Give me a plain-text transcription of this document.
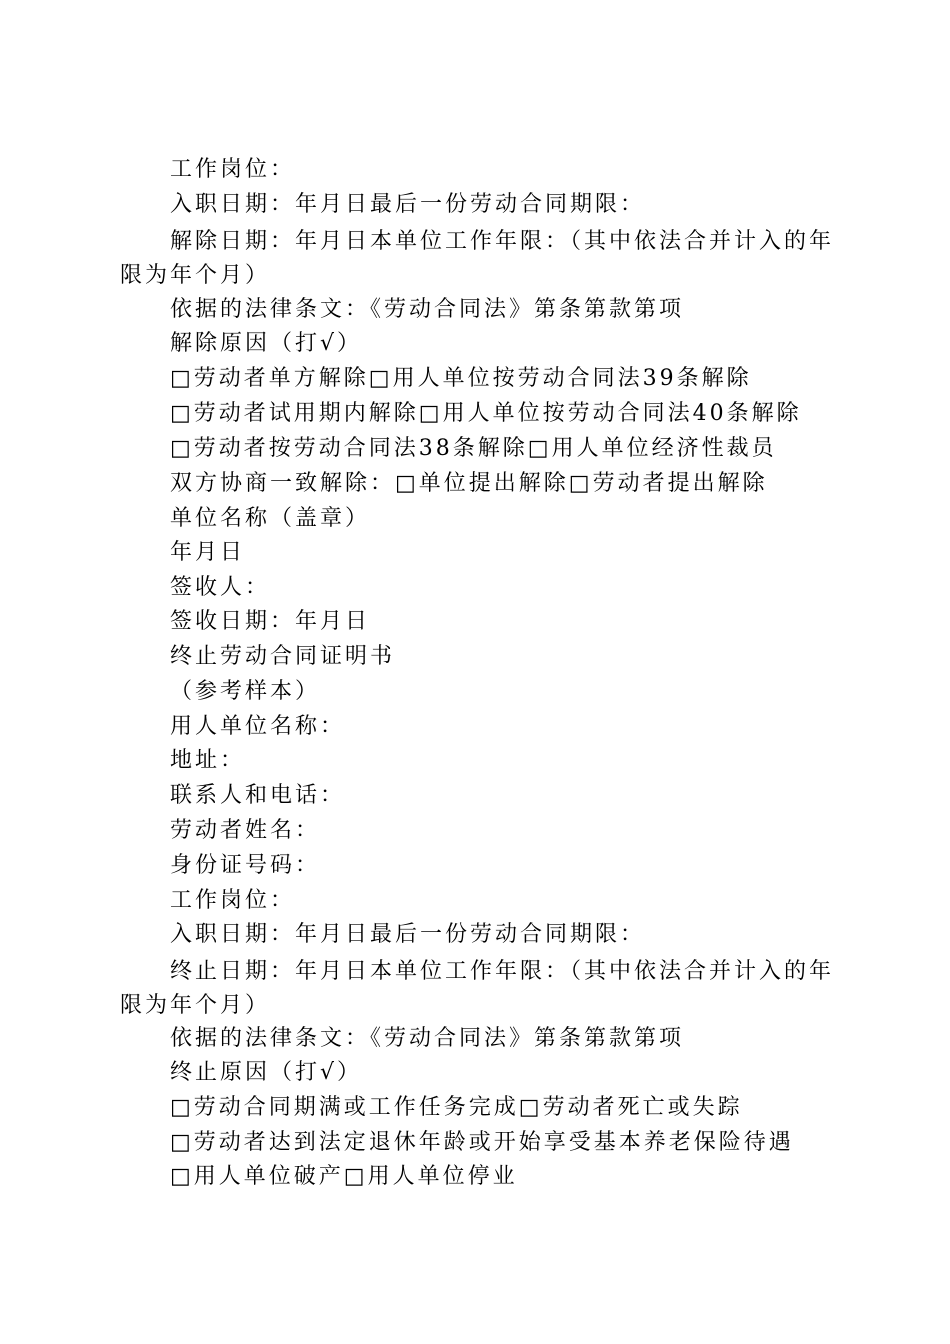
工作岗位：
入职日期：年月日最后一份劳动合同期限：
解除日期：年月日本单位工作年限：（其中依法合并计入的年限为年个月）
依据的法律条文：《劳动合同法》第条第款第项
解除原因（打√）
□劳动者单方解除□用人单位按劳动合同法39条解除
□劳动者试用期内解除□用人单位按劳动合同法40条解除
□劳动者按劳动合同法38条解除□用人单位经济性裁员
双方协商一致解除：□单位提出解除□劳动者提出解除
单位名称（盖章）
年月日
签收人：
签收日期：年月日
终止劳动合同证明书
（参考样本）
用人单位名称：
地址：
联系人和电话：
劳动者姓名：
身份证号码：
工作岗位：
入职日期：年月日最后一份劳动合同期限：
终止日期：年月日本单位工作年限：（其中依法合并计入的年限为年个月）
依据的法律条文：《劳动合同法》第条第款第项
终止原因（打√）
□劳动合同期满或工作任务完成□劳动者死亡或失踪
□劳动者达到法定退休年龄或开始享受基本养老保险待遇
□用人单位破产□用人单位停业
